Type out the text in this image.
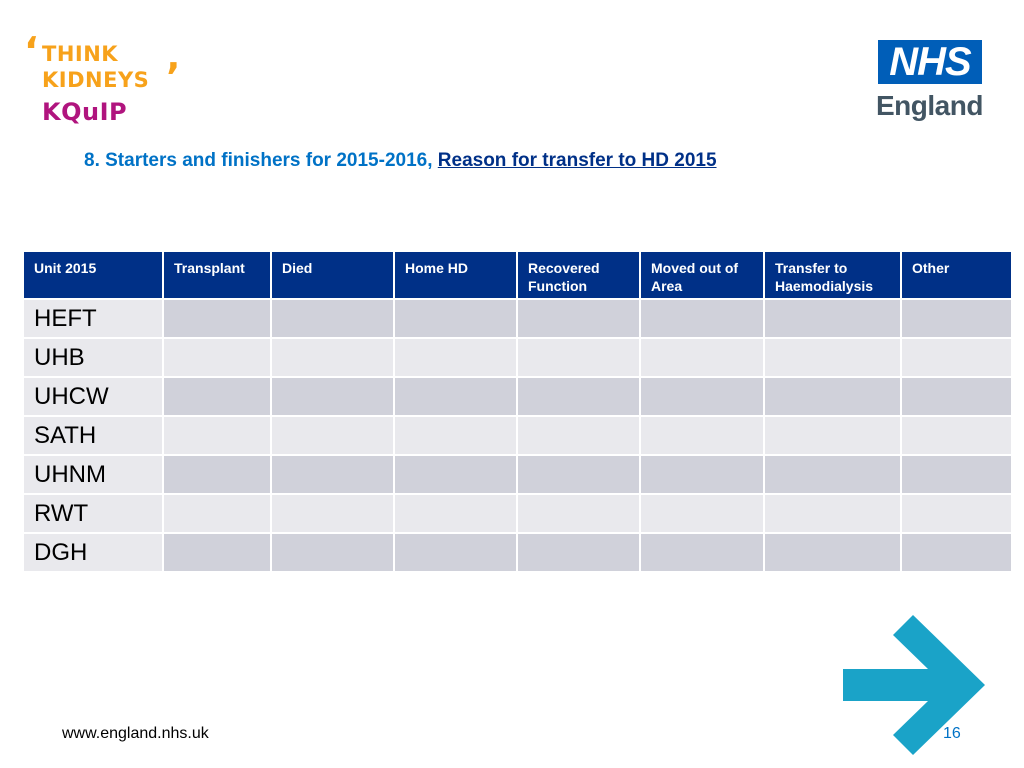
‘ THINK
KIDNEYS ’
KQuIP
NHS
England
8. Starters and finishers for 2015-2016, Reason for transfer to HD 2015
Unit 2015	Transplant	Died	Home HD	Recovered Function	Moved out of Area	Transfer to Haemodialysis	Other
HEFT							
UHB							
UHCW							
SATH							
UHNM							
RWT							
DGH							
www.england.nhs.uk	16
